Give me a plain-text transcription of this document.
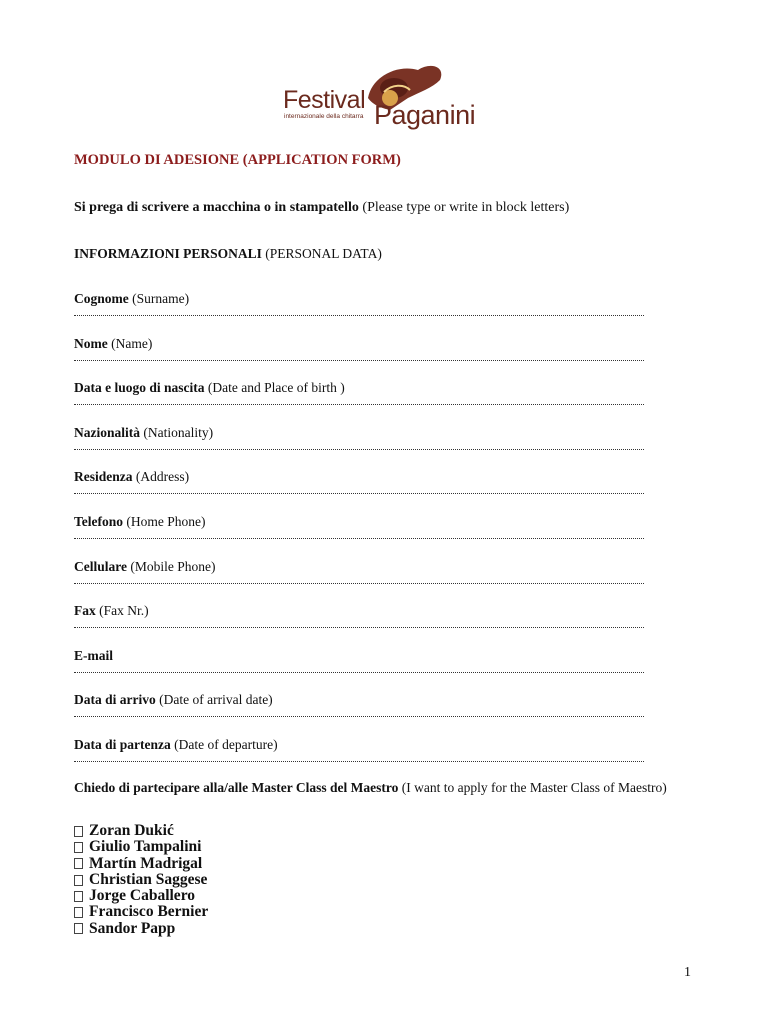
Festival Paganini
internazionale della chitarra
MODULO DI ADESIONE (APPLICATION FORM)
Si prega di scrivere a macchina o in stampatello (Please type or write in block letters)
INFORMAZIONI PERSONALI (PERSONAL DATA)
Cognome (Surname)
Nome (Name)
Data e luogo di nascita (Date and Place of birth )
Nazionalità (Nationality)
Residenza (Address)
Telefono (Home Phone)
Cellulare (Mobile Phone)
Fax (Fax Nr.)
E-mail
Data di arrivo (Date of arrival date)
Data di partenza (Date of departure)
Chiedo di partecipare alla/alle Master Class del Maestro (I want to apply for the Master Class of Maestro)
Zoran Dukić
Giulio Tampalini
Martín Madrigal
Christian Saggese
Jorge Caballero
Francisco Bernier
Sandor Papp
1
